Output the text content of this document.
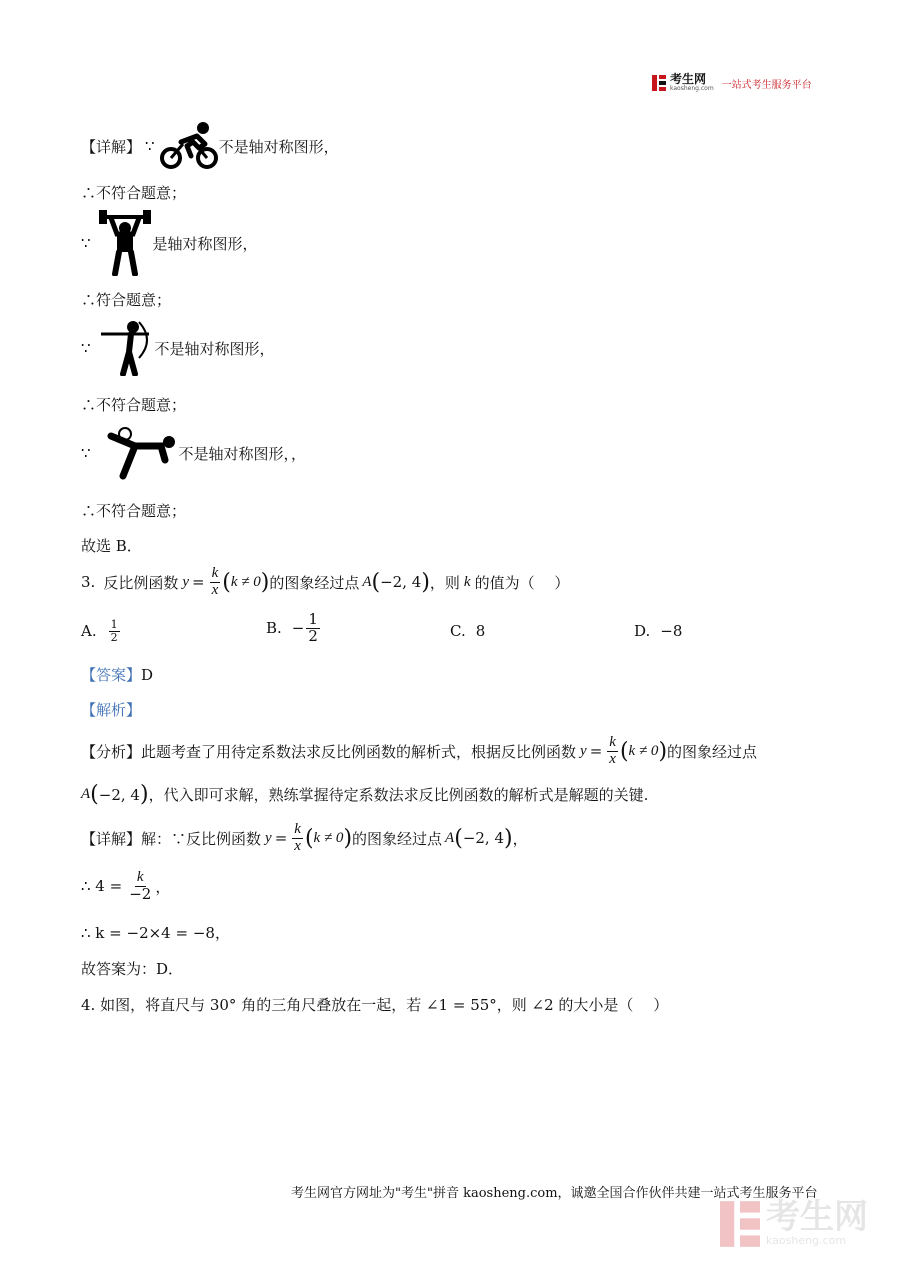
考生网
kaosheng.com 一站式考生服务平台
【详解】 ∵	不是轴对称图形，
∴不符合题意；
∵	是轴对称图形，
∴符合题意；
∵	不是轴对称图形，
∴不符合题意；
∵	不是轴对称图形，，
∴不符合题意；
故选 B．
3. 反比例函数 $y = \frac{k}{x}$ ( k ≠ 0 ) 的图象经过点 A ( −2, 4 ) ，则 k 的值为（　 ）
A. $\frac{1}{2}$	B. − $\frac{1}{2}$	C. 8	D. −8
【答案】D
【解析】
【分析】 此题考查了用待定系数法求反比例函数的解析式，根据反比例函数 $y = \frac{k}{x}$ ( k ≠ 0 ) 的图象经过点
A ( −2, 4 ) ，代入即可求解，熟练掌握待定系数法求反比例函数的解析式是解题的关键.
【详解】 解：∵反比例函数 $y = \frac{k}{x}$ ( k ≠ 0 ) 的图象经过点 A ( −2, 4 ) ，
∴ $4 = \frac{k}{-2}$ ，
∴ k = −2×4 = −8，
故答案为：D．
4. 如图，将直尺与 30° 角的三角尺叠放在一起，若 ∠1 = 55°，则 ∠2 的大小是（　 ）
考生网官方网址为"考生"拼音 kaosheng.com，诚邀全国合作伙伴共建一站式考生服务平台
考生网
kaosheng.com
